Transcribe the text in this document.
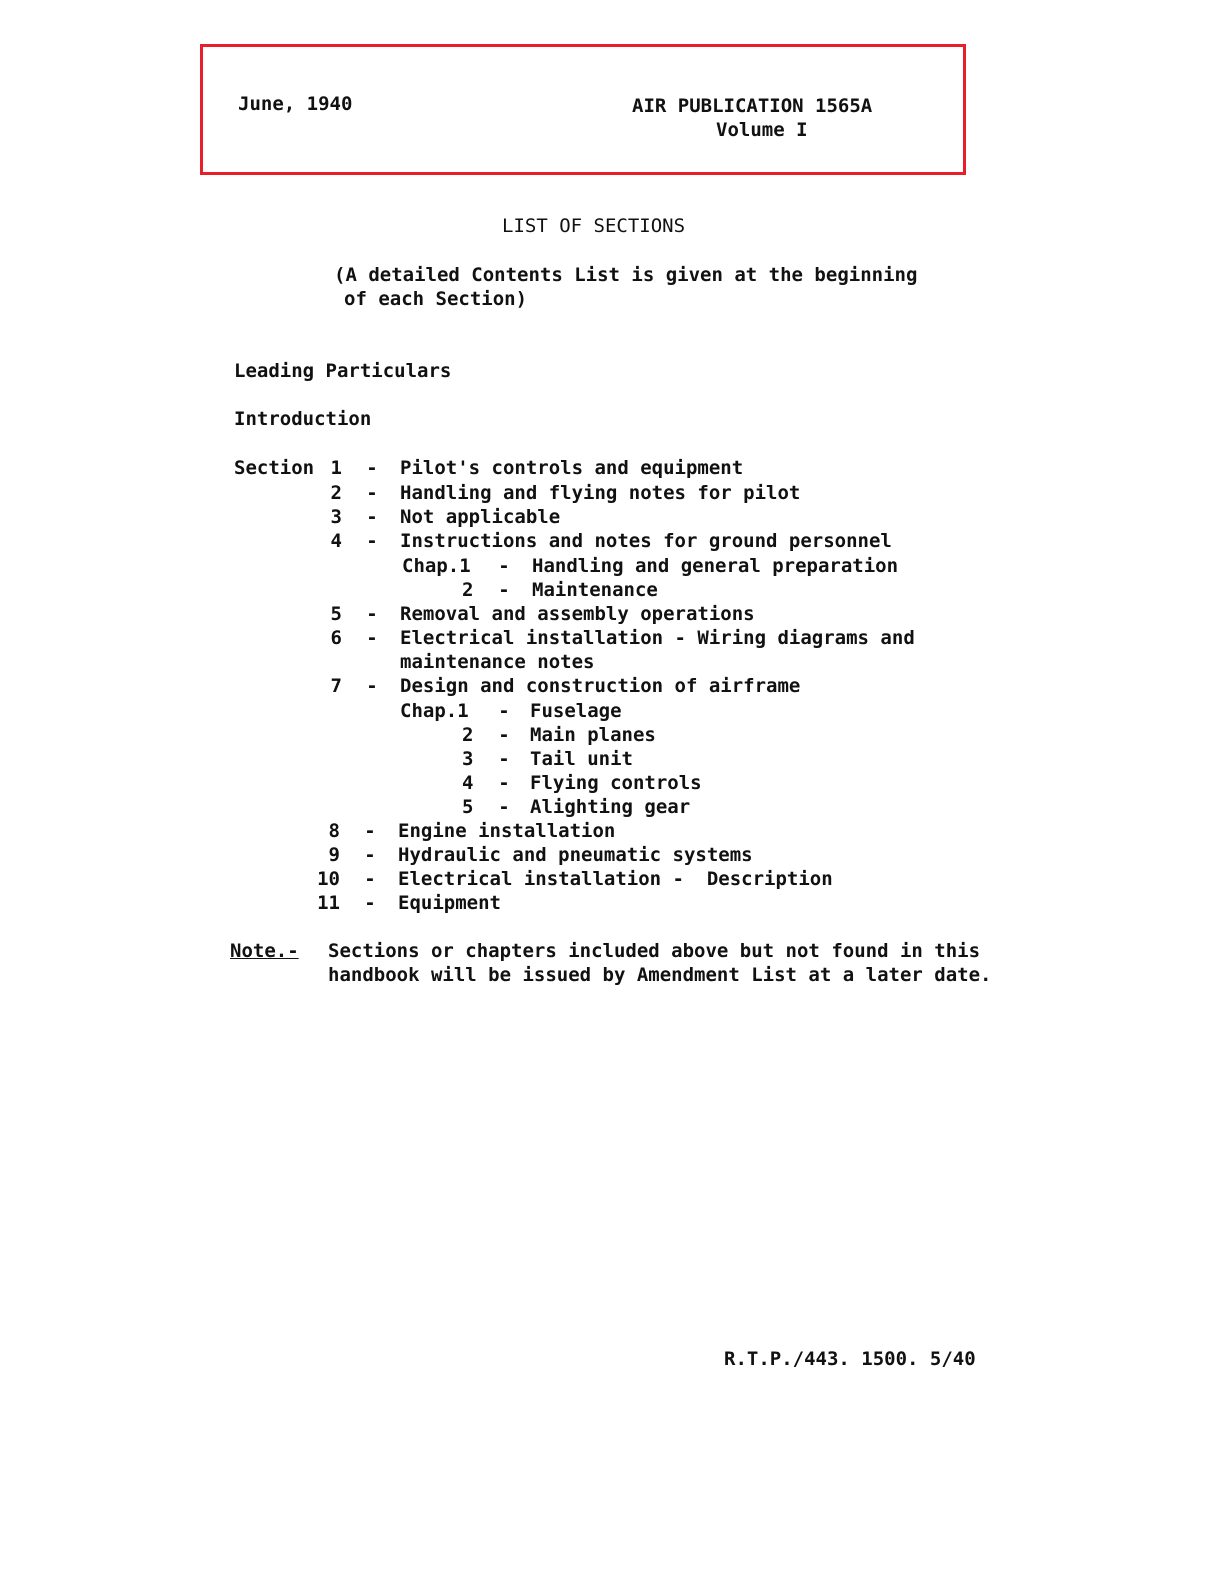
June, 1940	AIR PUBLICATION 1565A
Volume I
LIST OF SECTIONS
(A detailed Contents List is given at the beginning
of each Section)
Leading Particulars
Introduction
Section 1 - Pilot's controls and equipment
2 - Handling and flying notes for pilot
3 - Not applicable
4 - Instructions and notes for ground personnel
Chap.1 - Handling and general preparation
2 - Maintenance
5 - Removal and assembly operations
6 - Electrical installation - Wiring diagrams and
maintenance notes
7 - Design and construction of airframe
Chap.1 - Fuselage
2 - Main planes
3 - Tail unit
4 - Flying controls
5 - Alighting gear
8 - Engine installation
9 - Hydraulic and pneumatic systems
10 - Electrical installation -  Description
11 - Equipment
Note.- Sections or chapters included above but not found in this
handbook will be issued by Amendment List at a later date.
R.T.P./443. 1500. 5/40
